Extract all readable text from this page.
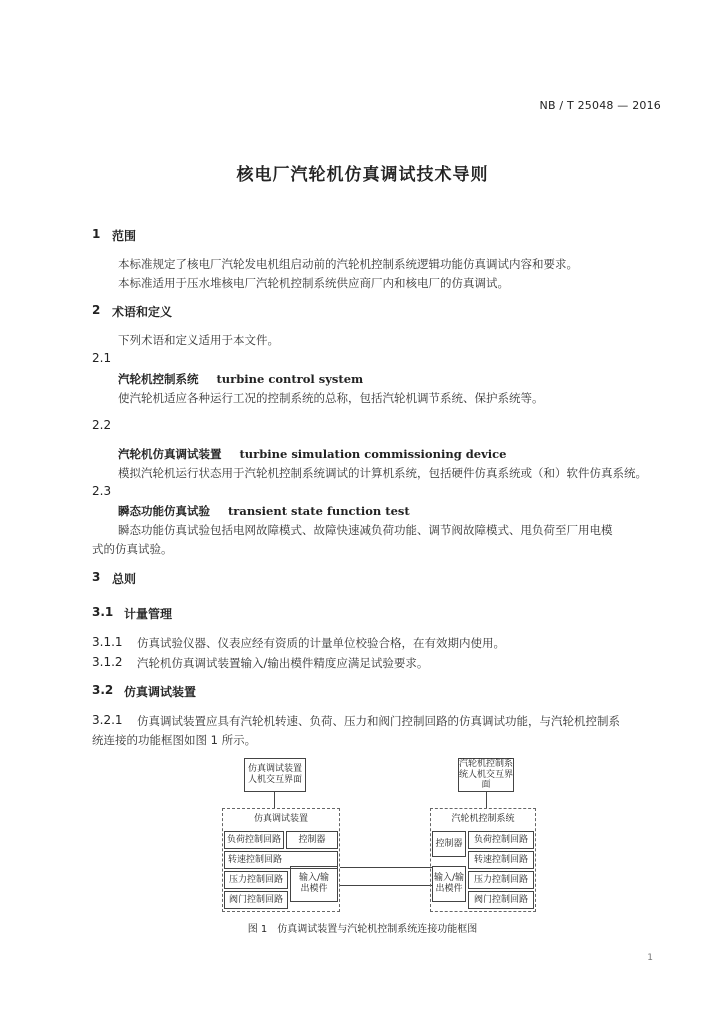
NB / T 25048 — 2016
核电厂汽轮机仿真调试技术导则
1 范围
本标准规定了核电厂汽轮发电机组启动前的汽轮机控制系统逻辑功能仿真调试内容和要求。
本标准适用于压水堆核电厂汽轮机控制系统供应商厂内和核电厂的仿真调试。
2 术语和定义
下列术语和定义适用于本文件。
2.1
汽轮机控制系统 turbine control system
使汽轮机适应各种运行工况的控制系统的总称，包括汽轮机调节系统、保护系统等。
2.2
汽轮机仿真调试装置 turbine simulation commissioning device
模拟汽轮机运行状态用于汽轮机控制系统调试的计算机系统，包括硬件仿真系统或（和）软件仿真系统。
2.3
瞬态功能仿真试验 transient state function test
瞬态功能仿真试验包括电网故障模式、故障快速减负荷功能、调节阀故障模式、甩负荷至厂用电模
式的仿真试验。
3 总则
3.1 计量管理
3.1.1 仿真试验仪器、仪表应经有资质的计量单位校验合格，在有效期内使用。
3.1.2 汽轮机仿真调试装置输入/输出模件精度应满足试验要求。
3.2 仿真调试装置
3.2.1 仿真调试装置应具有汽轮机转速、负荷、压力和阀门控制回路的仿真调试功能，与汽轮机控制系
统连接的功能框图如图 1 所示。
仿真调试装置人机交互界面
仿真调试装置
负荷控制回路	控制器
转速控制回路
压力控制回路
阀门控制回路
输入/输出模件
汽轮机控制系统人机交互界面
汽轮机控制系统
控制器	负荷控制回路
转速控制回路
输入/输出模件
压力控制回路
阀门控制回路
图 1　仿真调试装置与汽轮机控制系统连接功能框图
1
